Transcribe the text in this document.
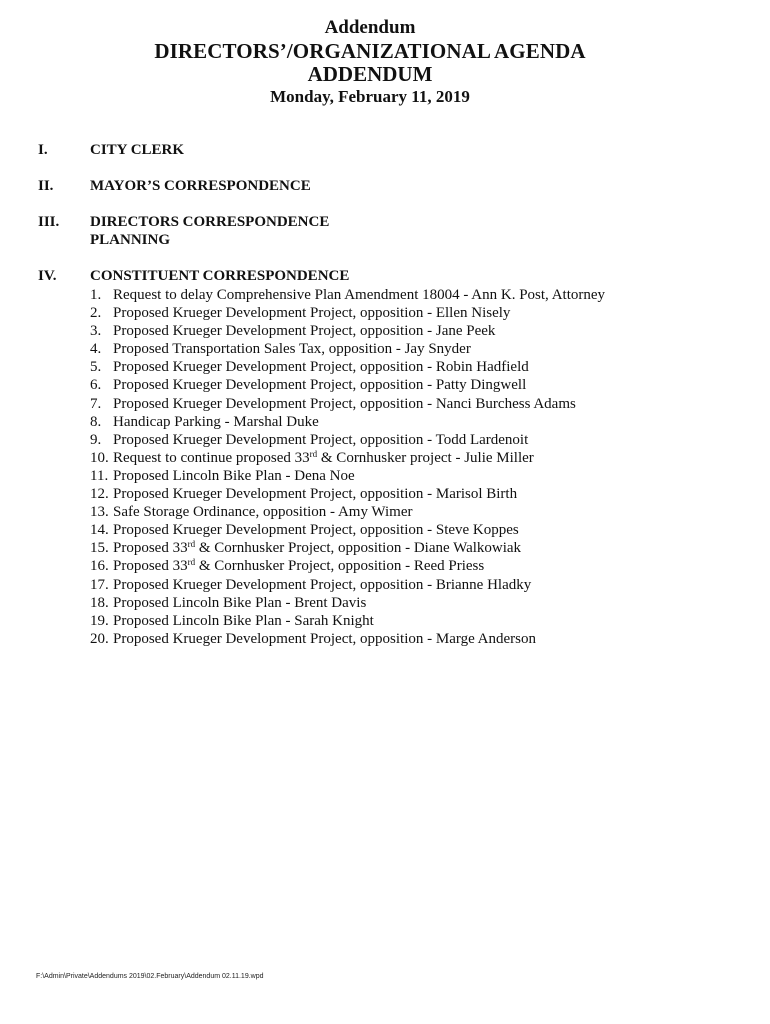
Addendum
DIRECTORS’/ORGANIZATIONAL AGENDA
ADDENDUM
Monday, February 11, 2019
I.	CITY CLERK
II. MAYOR’S CORRESPONDENCE
III. DIRECTORS CORRESPONDENCE
PLANNING
IV. CONSTITUENT CORRESPONDENCE
1. Request to delay Comprehensive Plan Amendment 18004 - Ann K. Post, Attorney
2. Proposed Krueger Development Project, opposition - Ellen Nisely
3. Proposed Krueger Development Project, opposition - Jane Peek
4. Proposed Transportation Sales Tax, opposition - Jay Snyder
5. Proposed Krueger Development Project, opposition - Robin Hadfield
6. Proposed Krueger Development Project, opposition - Patty Dingwell
7. Proposed Krueger Development Project, opposition - Nanci Burchess Adams
8. Handicap Parking - Marshal Duke
9. Proposed Krueger Development Project, opposition - Todd Lardenoit
10. Request to continue proposed 33rd & Cornhusker project - Julie Miller
11. Proposed Lincoln Bike Plan - Dena Noe
12. Proposed Krueger Development Project, opposition - Marisol Birth
13. Safe Storage Ordinance, opposition - Amy Wimer
14. Proposed Krueger Development Project, opposition - Steve Koppes
15. Proposed 33rd & Cornhusker Project, opposition - Diane Walkowiak
16. Proposed 33rd & Cornhusker Project, opposition - Reed Priess
17. Proposed Krueger Development Project, opposition - Brianne Hladky
18. Proposed Lincoln Bike Plan - Brent Davis
19. Proposed Lincoln Bike Plan - Sarah Knight
20. Proposed Krueger Development Project, opposition - Marge Anderson
F:\Admin\Private\Addendums 2019\02.February\Addendum 02.11.19.wpd
